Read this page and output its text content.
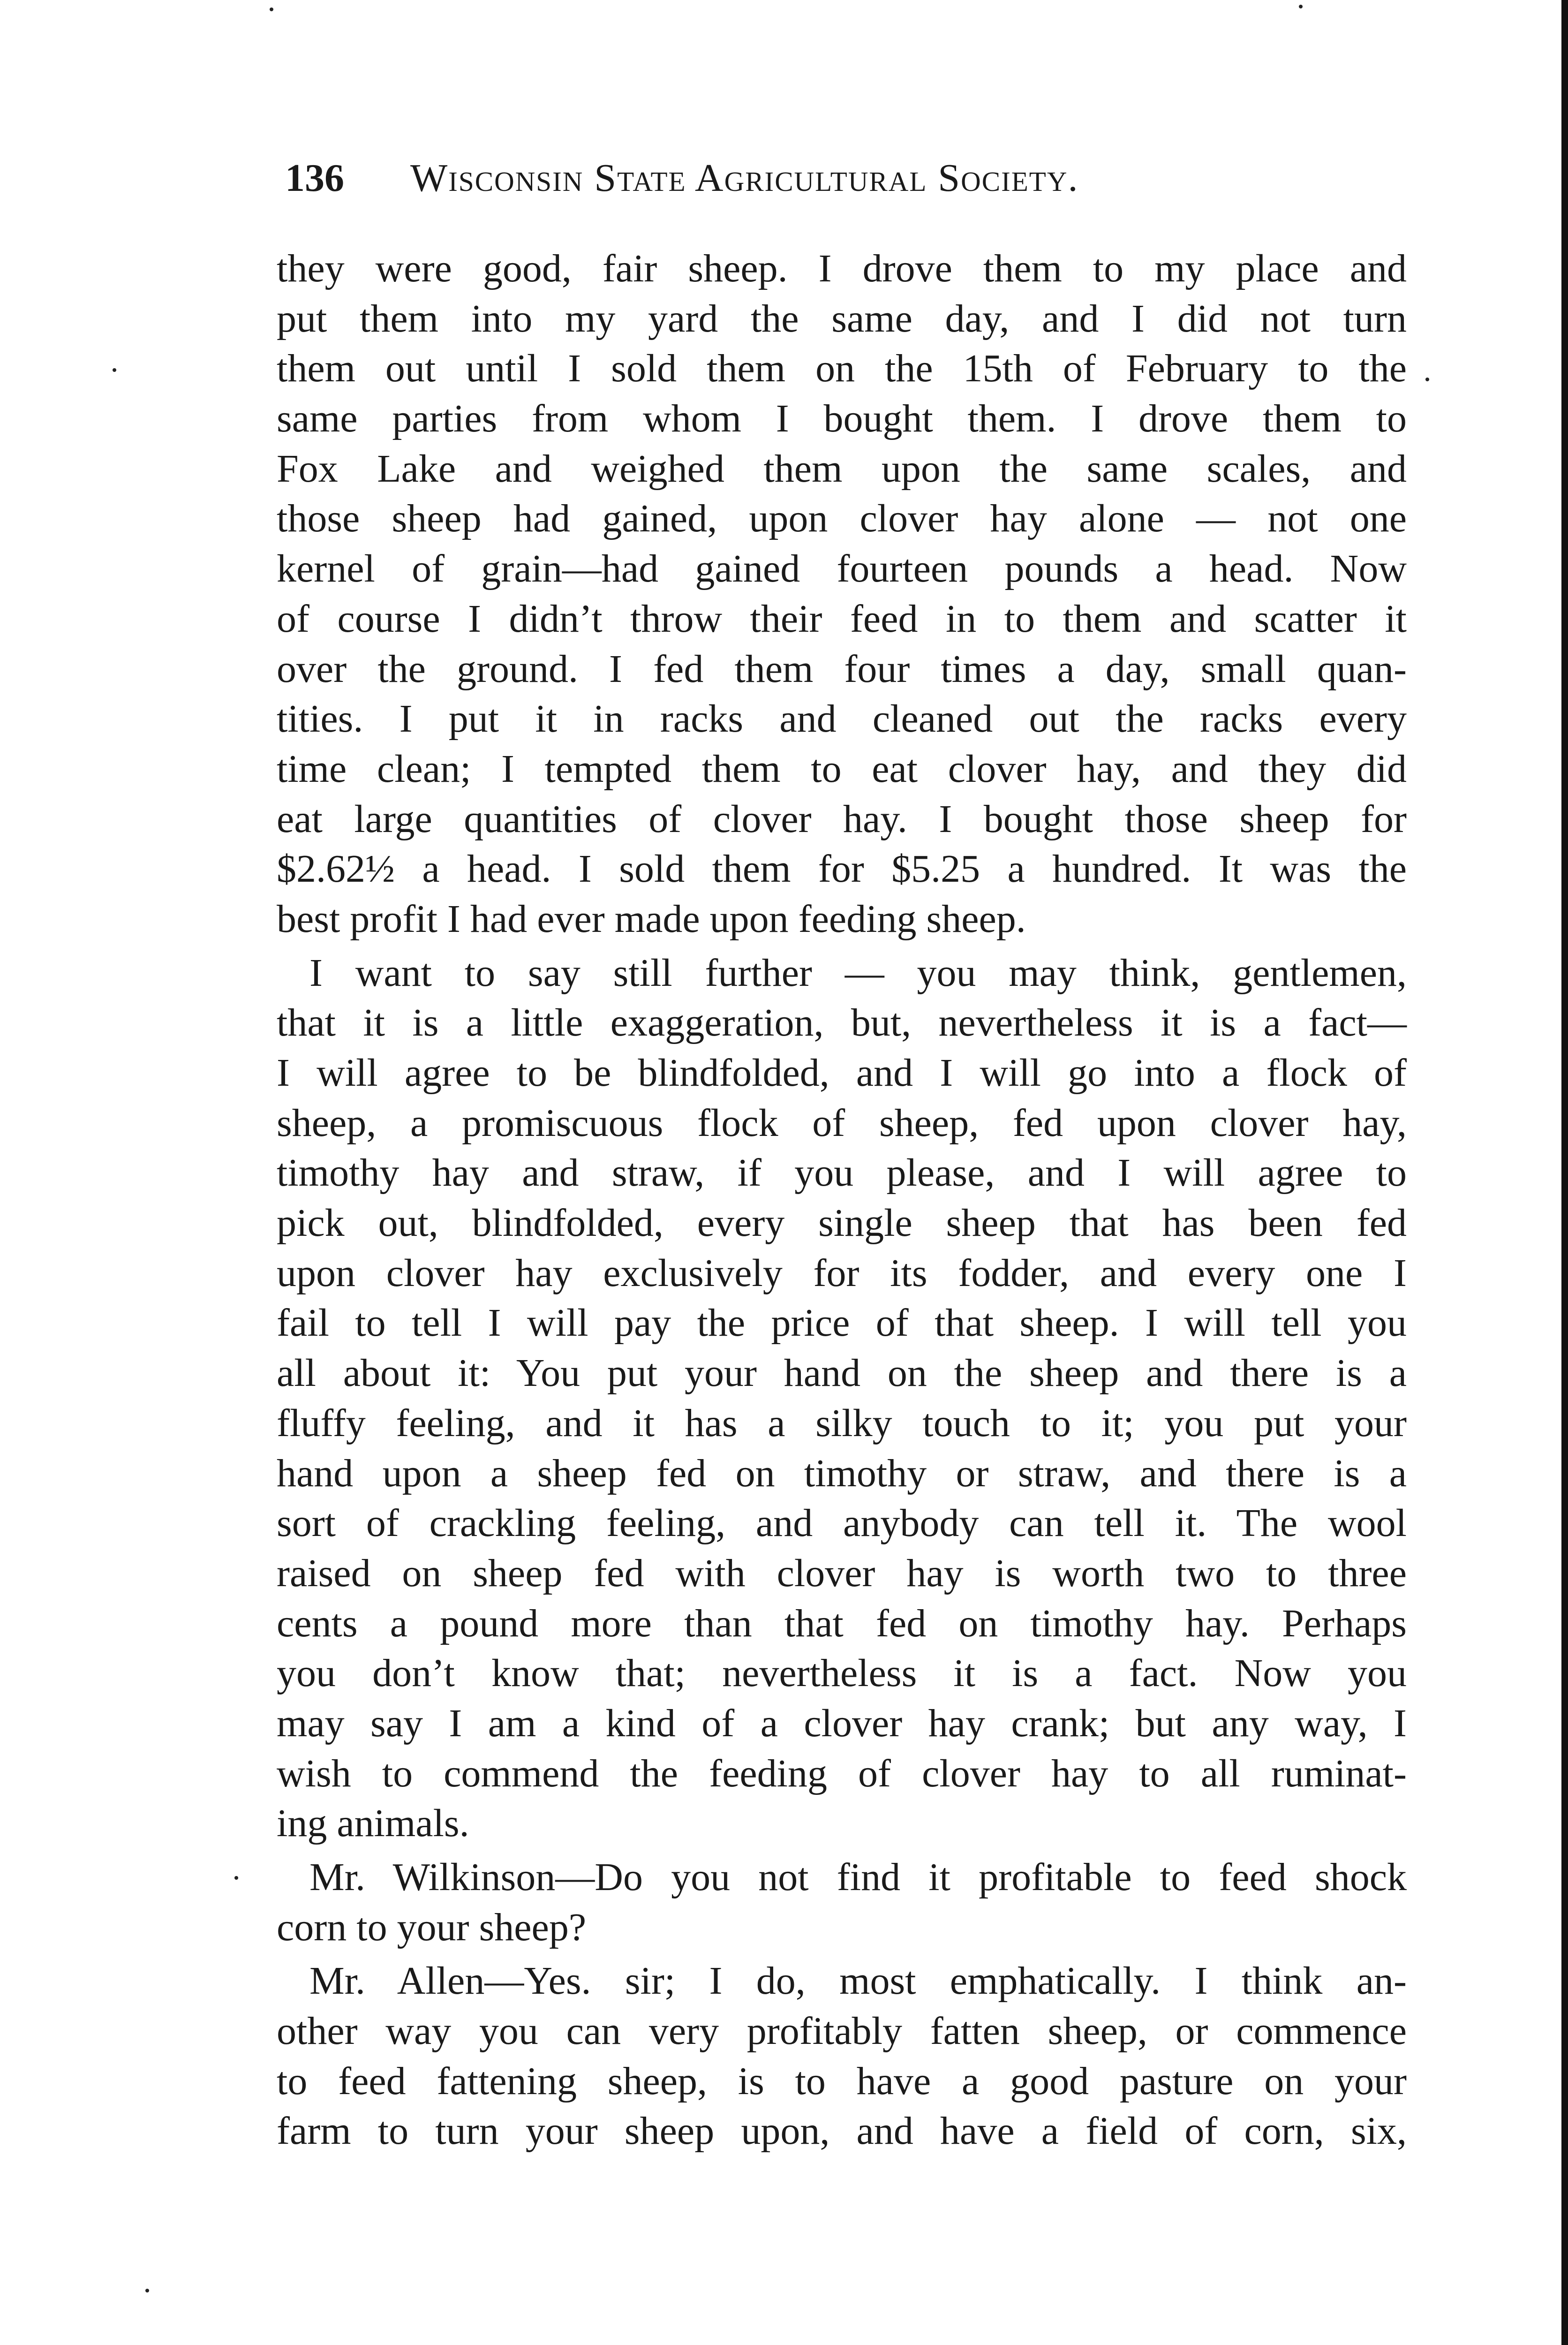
136 Wisconsin State Agricultural Society.
they were good, fair sheep. I drove them to my place and
put them into my yard the same day, and I did not turn
them out until I sold them on the 15th of February to the
same parties from whom I bought them. I drove them to
Fox Lake and weighed them upon the same scales, and
those sheep had gained, upon clover hay alone — not one
kernel of grain—had gained fourteen pounds a head. Now
of course I didn’t throw their feed in to them and scatter it
over the ground. I fed them four times a day, small quan-
tities. I put it in racks and cleaned out the racks every
time clean; I tempted them to eat clover hay, and they did
eat large quantities of clover hay. I bought those sheep for
$2.62½ a head. I sold them for $5.25 a hundred. It was the
best profit I had ever made upon feeding sheep.
I want to say still further — you may think, gentlemen,
that it is a little exaggeration, but, nevertheless it is a fact—
I will agree to be blindfolded, and I will go into a flock of
sheep, a promiscuous flock of sheep, fed upon clover hay,
timothy hay and straw, if you please, and I will agree to
pick out, blindfolded, every single sheep that has been fed
upon clover hay exclusively for its fodder, and every one I
fail to tell I will pay the price of that sheep. I will tell you
all about it: You put your hand on the sheep and there is a
fluffy feeling, and it has a silky touch to it; you put your
hand upon a sheep fed on timothy or straw, and there is a
sort of crackling feeling, and anybody can tell it. The wool
raised on sheep fed with clover hay is worth two to three
cents a pound more than that fed on timothy hay. Perhaps
you don’t know that; nevertheless it is a fact. Now you
may say I am a kind of a clover hay crank; but any way, I
wish to commend the feeding of clover hay to all ruminat-
ing animals.
Mr. Wilkinson—Do you not find it profitable to feed shock
corn to your sheep?
Mr. Allen—Yes. sir; I do, most emphatically. I think an-
other way you can very profitably fatten sheep, or commence
to feed fattening sheep, is to have a good pasture on your
farm to turn your sheep upon, and have a field of corn, six,
